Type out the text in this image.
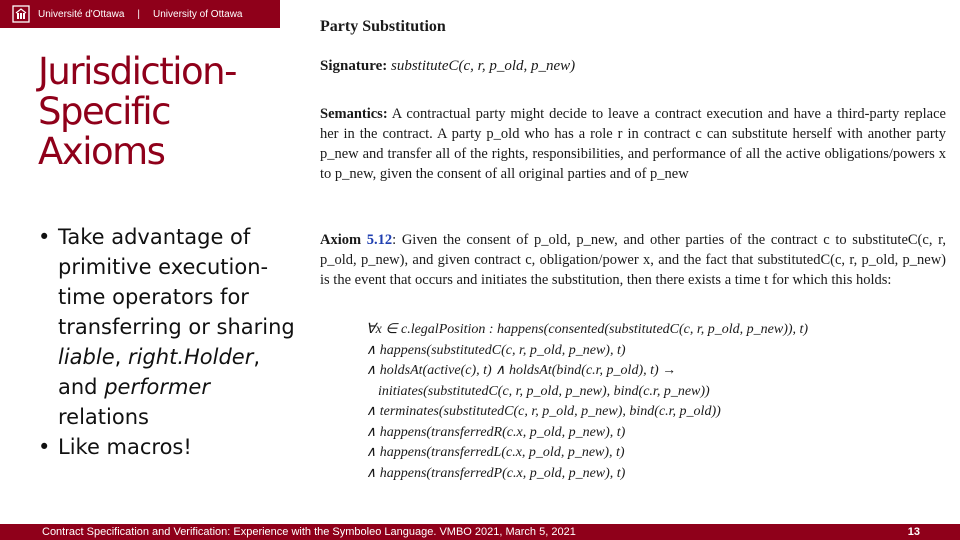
Université d'Ottawa | University of Ottawa
Jurisdiction-Specific Axioms
• Take advantage of primitive execution-time operators for transferring or sharing liable, right.Holder, and performer relations
• Like macros!
Party Substitution
Signature: substituteC(c, r, p_old, p_new)
Semantics: A contractual party might decide to leave a contract execution and have a third-party replace her in the contract. A party p_old who has a role r in contract c can substitute herself with another party p_new and transfer all of the rights, responsibilities, and performance of all the active obligations/powers x to p_new, given the consent of all original parties and of p_new
Axiom 5.12: Given the consent of p_old, p_new, and other parties of the contract c to substituteC(c, r, p_old, p_new), and given contract c, obligation/power x, and the fact that substitutedC(c, r, p_old, p_new) is the event that occurs and initiates the substitution, then there exists a time t for which this holds:
∀x ∈ c.legalPosition : happens(consented(substitutedC(c, r, p_old, p_new)), t)
∧ happens(substitutedC(c, r, p_old, p_new), t)
∧ holdsAt(active(c), t) ∧ holdsAt(bind(c.r, p_old), t) →
initiates(substitutedC(c, r, p_old, p_new), bind(c.r, p_new))
∧ terminates(substitutedC(c, r, p_old, p_new), bind(c.r, p_old))
∧ happens(transferredR(c.x, p_old, p_new), t)
∧ happens(transferredL(c.x, p_old, p_new), t)
∧ happens(transferredP(c.x, p_old, p_new), t)
Contract Specification and Verification: Experience with the Symboleo Language. VMBO 2021, March 5, 2021	13
